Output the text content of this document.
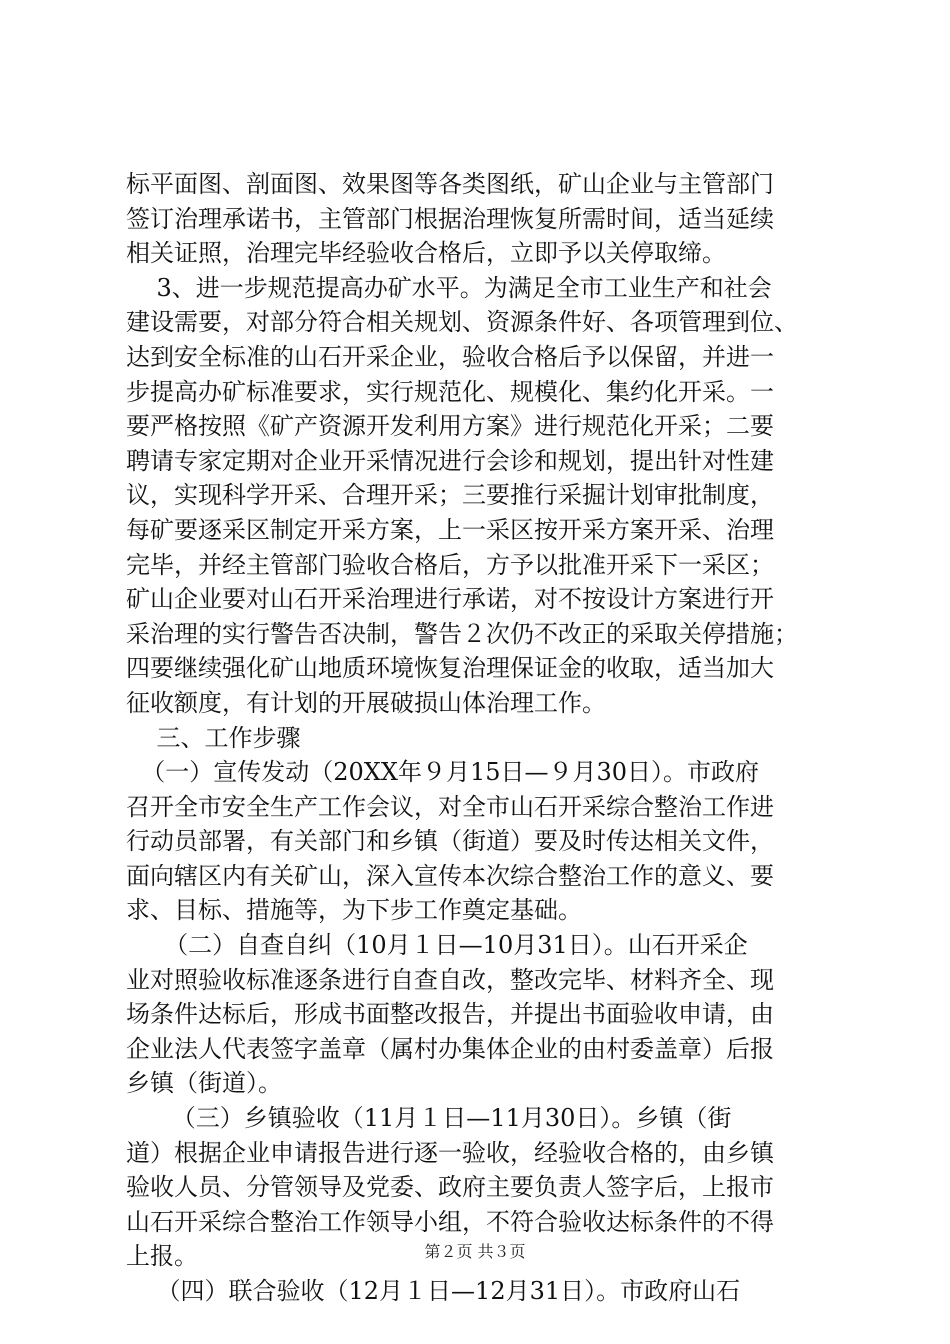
标平面图、剖面图、效果图等各类图纸，矿山企业与主管部门
签订治理承诺书，主管部门根据治理恢复所需时间，适当延续
相关证照，治理完毕经验收合格后，立即予以关停取缔。
3、进一步规范提高办矿水平。为满足全市工业生产和社会
建设需要，对部分符合相关规划、资源条件好、各项管理到位、
达到安全标准的山石开采企业，验收合格后予以保留，并进一
步提高办矿标准要求，实行规范化、规模化、集约化开采。一
要严格按照《矿产资源开发利用方案》进行规范化开采；二要
聘请专家定期对企业开采情况进行会诊和规划，提出针对性建
议，实现科学开采、合理开采；三要推行采掘计划审批制度，
每矿要逐采区制定开采方案，上一采区按开采方案开采、治理
完毕，并经主管部门验收合格后，方予以批准开采下一采区；
矿山企业要对山石开采治理进行承诺，对不按设计方案进行开
采治理的实行警告否决制，警告２次仍不改正的采取关停措施；
四要继续强化矿山地质环境恢复治理保证金的收取，适当加大
征收额度，有计划的开展破损山体治理工作。
三、工作步骤
（一）宣传发动（20XX年９月15日—９月30日）。市政府
召开全市安全生产工作会议，对全市山石开采综合整治工作进
行动员部署，有关部门和乡镇（街道）要及时传达相关文件，
面向辖区内有关矿山，深入宣传本次综合整治工作的意义、要
求、目标、措施等，为下步工作奠定基础。
（二）自查自纠（10月１日—10月31日）。山石开采企
业对照验收标准逐条进行自查自改，整改完毕、材料齐全、现
场条件达标后，形成书面整改报告，并提出书面验收申请，由
企业法人代表签字盖章（属村办集体企业的由村委盖章）后报
乡镇（街道）。
（三）乡镇验收（11月１日—11月30日）。乡镇（街
道）根据企业申请报告进行逐一验收，经验收合格的，由乡镇
验收人员、分管领导及党委、政府主要负责人签字后，上报市
山石开采综合整治工作领导小组，不符合验收达标条件的不得
上报。
（四）联合验收（12月１日—12月31日）。市政府山石
第２页 共３页
